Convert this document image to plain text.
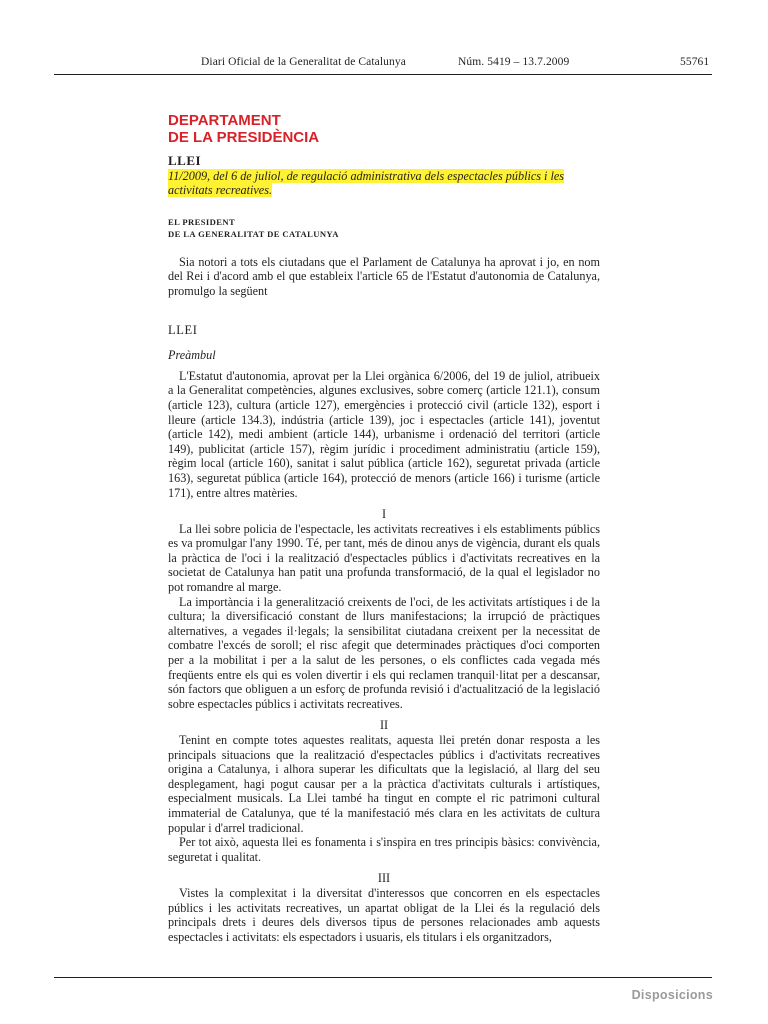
Diari Oficial de la Generalitat de Catalunya	Núm. 5419 – 13.7.2009	55761
DEPARTAMENT
DE LA PRESIDÈNCIA
LLEI

11/2009, del 6 de juliol, de regulació administrativa dels espectacles públics i les activitats recreatives.

EL PRESIDENT
DE LA GENERALITAT DE CATALUNYA

Sia notori a tots els ciutadans que el Parlament de Catalunya ha aprovat i jo, en nom del Rei i d'acord amb el que estableix l'article 65 de l'Estatut d'autonomia de Catalunya, promulgo la següent

LLEI
Preàmbul

L'Estatut d'autonomia, aprovat per la Llei orgànica 6/2006, del 19 de juliol, atribueix a la Generalitat competències, algunes exclusives, sobre comerç (article 121.1), consum (article 123), cultura (article 127), emergències i protecció civil (article 132), esport i lleure (article 134.3), indústria (article 139), joc i espectacles (article 141), joventut (article 142), medi ambient (article 144), urbanisme i ordenació del territori (article 149), publicitat (article 157), règim jurídic i procediment administratiu (article 159), règim local (article 160), sanitat i salut pública (article 162), seguretat privada (article 163), seguretat pública (article 164), protecció de menors (article 166) i turisme (article 171), entre altres matèries.

I

La llei sobre policia de l'espectacle, les activitats recreatives i els establiments públics es va promulgar l'any 1990. Té, per tant, més de dinou anys de vigència, durant els quals la pràctica de l'oci i la realització d'espectacles públics i d'activitats recreatives en la societat de Catalunya han patit una profunda transformació, de la qual el legislador no pot romandre al marge.

La importància i la generalització creixents de l'oci, de les activitats artístiques i de la cultura; la diversificació constant de llurs manifestacions; la irrupció de pràctiques alternatives, a vegades il·legals; la sensibilitat ciutadana creixent per la necessitat de combatre l'excés de soroll; el risc afegit que determinades pràctiques d'oci comporten per a la mobilitat i per a la salut de les persones, o els conflictes cada vegada més freqüents entre els qui es volen divertir i els qui reclamen tranquil·litat per a descansar, són factors que obliguen a un esforç de profunda revisió i d'actualització de la legislació sobre espectacles públics i activitats recreatives.

II

Tenint en compte totes aquestes realitats, aquesta llei pretén donar resposta a les principals situacions que la realització d'espectacles públics i d'activitats recreatives origina a Catalunya, i alhora superar les dificultats que la legislació, al llarg del seu desplegament, hagi pogut causar per a la pràctica d'activitats culturals i artístiques, especialment musicals. La Llei també ha tingut en compte el ric patrimoni cultural immaterial de Catalunya, que té la manifestació més clara en les activitats de cultura popular i d'arrel tradicional.

Per tot això, aquesta llei es fonamenta i s'inspira en tres principis bàsics: convivència, seguretat i qualitat.

III

Vistes la complexitat i la diversitat d'interessos que concorren en els espectacles públics i les activitats recreatives, un apartat obligat de la Llei és la regulació dels principals drets i deures dels diversos tipus de persones relacionades amb aquests espectacles i activitats: els espectadors i usuaris, els titulars i els organitzadors,

Disposicions
